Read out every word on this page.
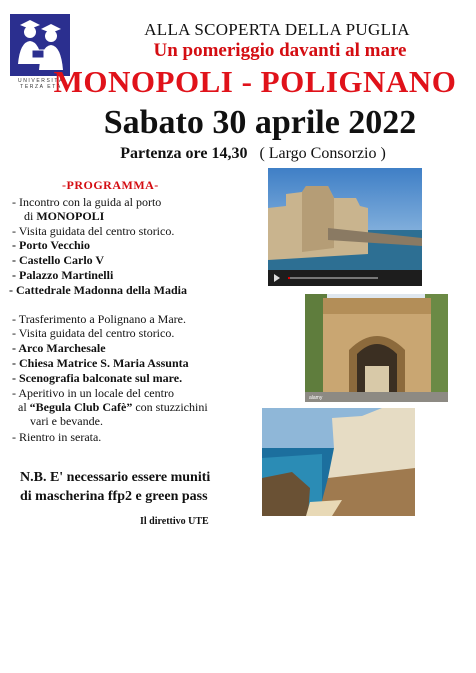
UNIVERSITÀ TERZA ETÀ
ALLA SCOPERTA DELLA PUGLIA
Un pomeriggio davanti al mare
MONOPOLI - POLIGNANO
Sabato 30 aprile 2022
Partenza ore 14,30 ( Largo Consorzio )
-PROGRAMMA-
- Incontro con la guida al porto
di MONOPOLI
- Visita guidata del centro storico.
- Porto Vecchio
- Castello Carlo V
- Palazzo Martinelli
- Cattedrale Madonna della Madia
- Trasferimento a Polignano a Mare.
- Visita guidata del centro storico.
- Arco Marchesale
- Chiesa Matrice S. Maria Assunta
- Scenografia balconate sul mare.
- Aperitivo in un locale del centro
al “Begula Club Cafè” con stuzzichini
vari e bevande.
- Rientro in serata.
N.B. E' necessario essere muniti
di mascherina ffp2 e green pass
Il direttivo UTE
alamy
